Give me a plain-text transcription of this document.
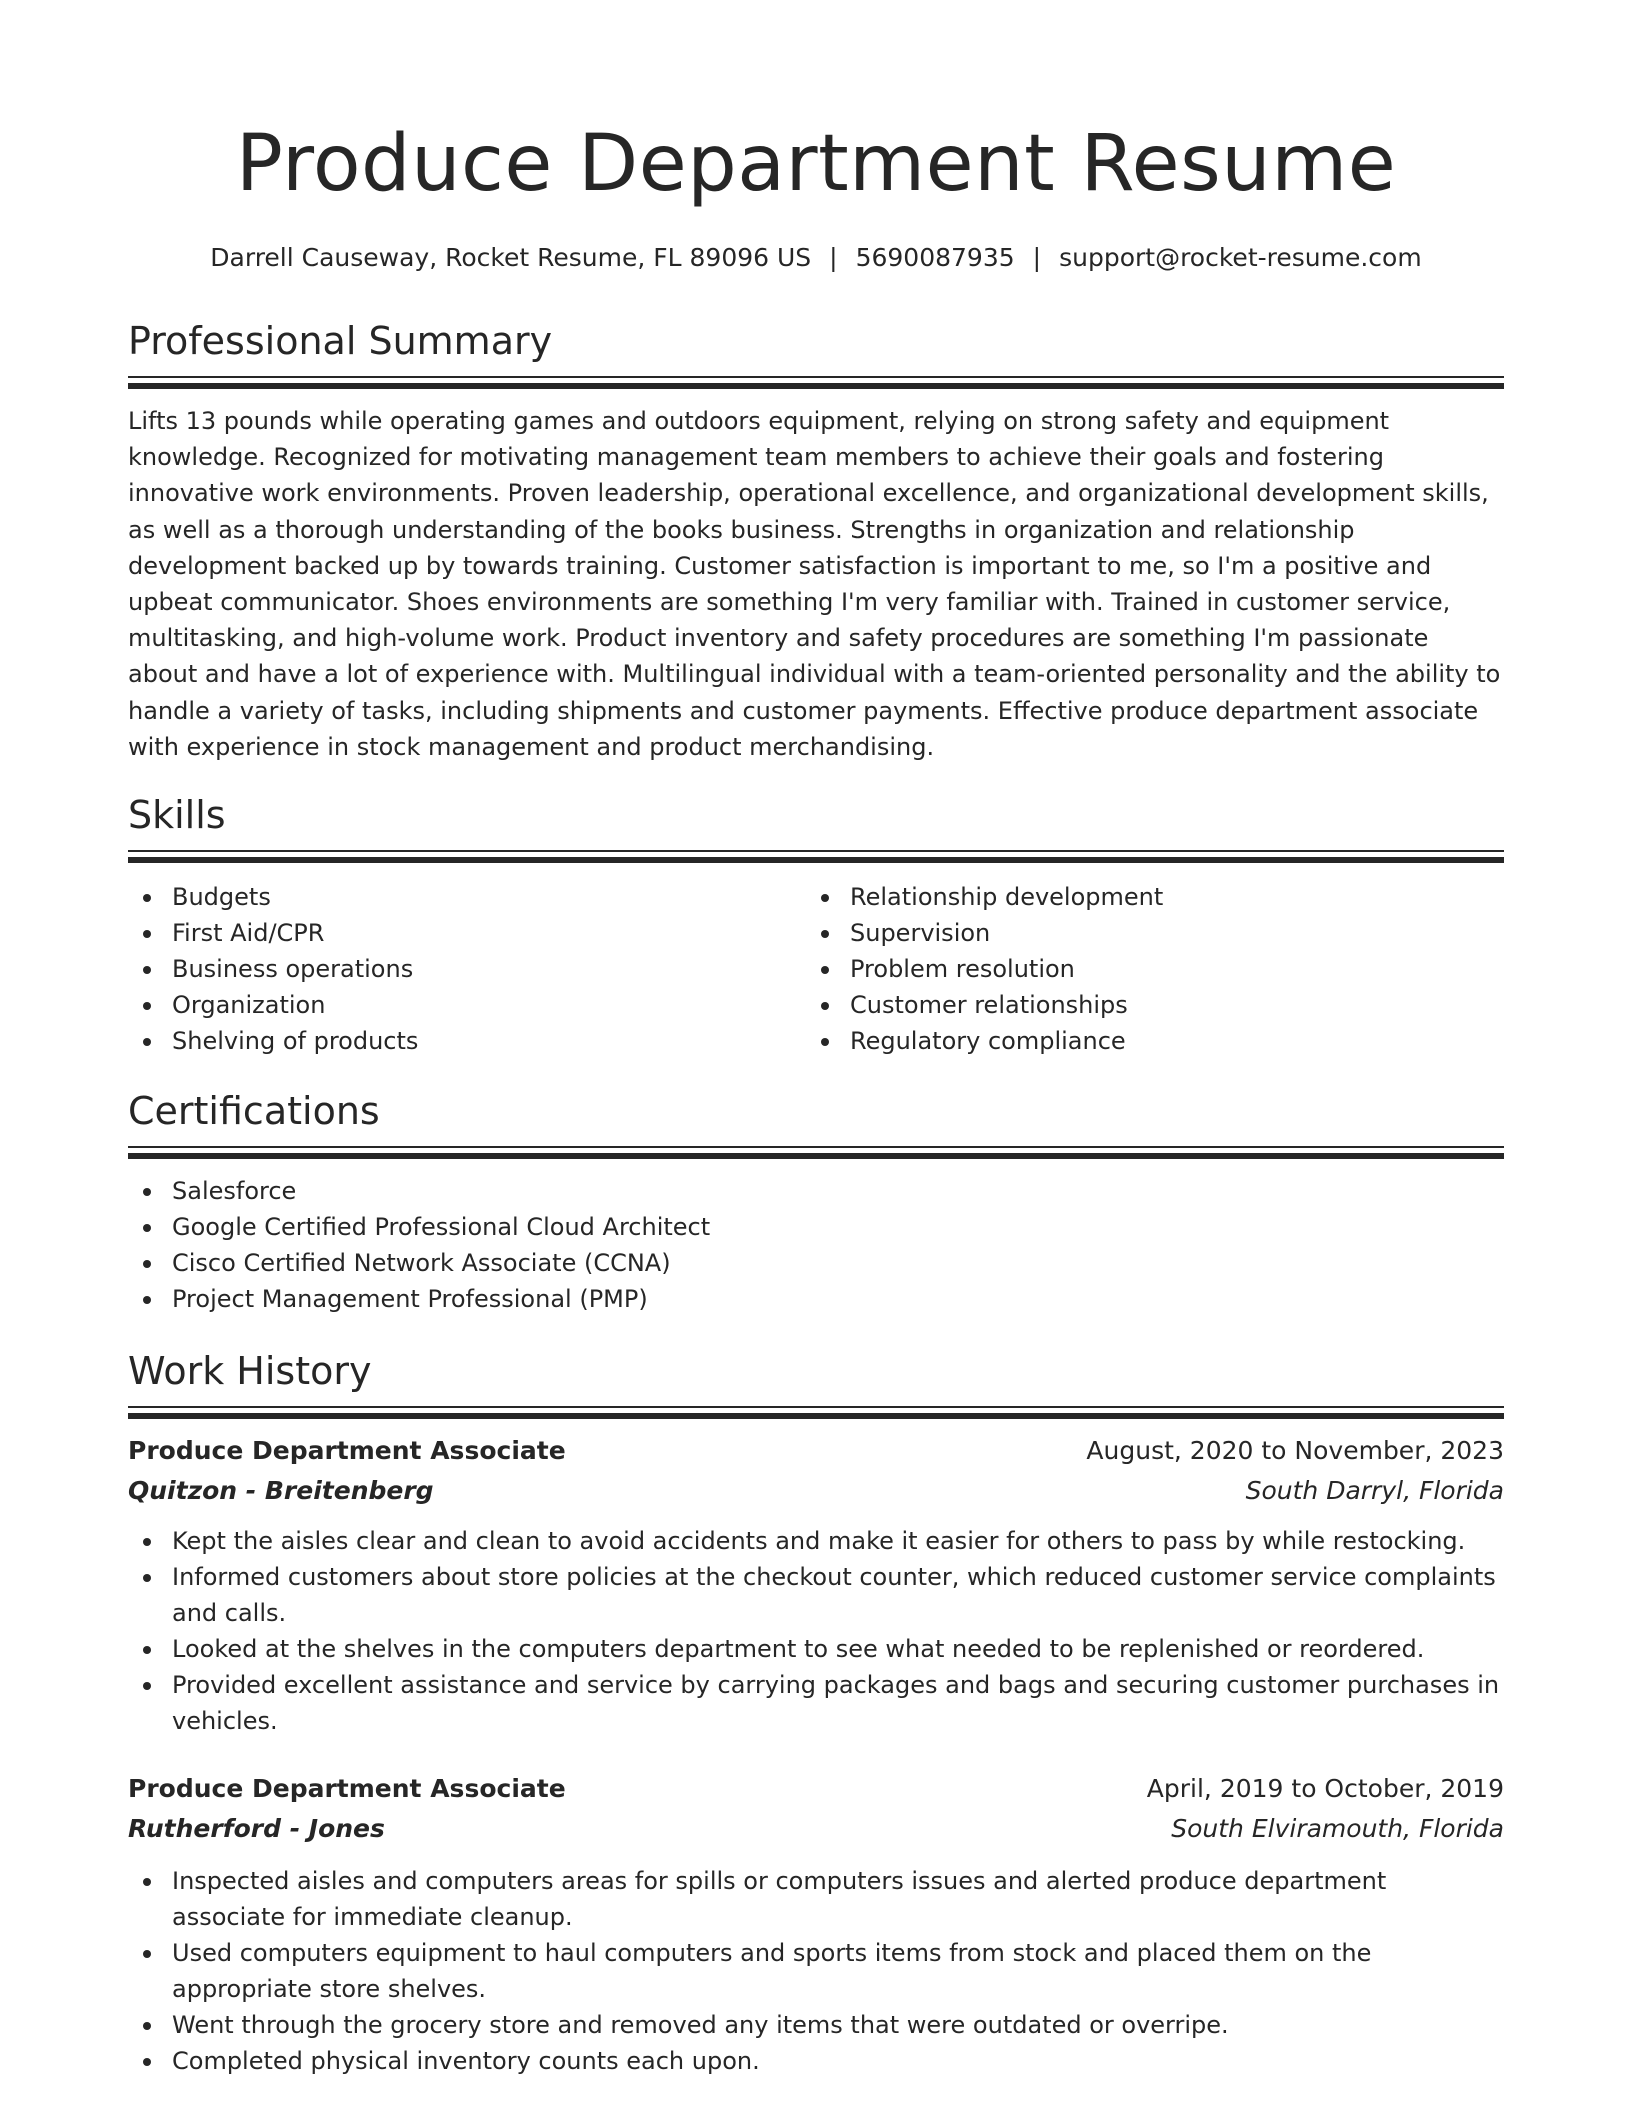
Produce Department Resume
Darrell Causeway, Rocket Resume, FL 89096 US | 5690087935 | support@rocket-resume.com
Professional Summary

Lifts 13 pounds while operating games and outdoors equipment, relying on strong safety and equipment knowledge. Recognized for motivating management team members to achieve their goals and fostering innovative work environments. Proven leadership, operational excellence, and organizational development skills, as well as a thorough understanding of the books business. Strengths in organization and relationship development backed up by towards training. Customer satisfaction is important to me, so I'm a positive and upbeat communicator. Shoes environments are something I'm very familiar with. Trained in customer service, multitasking, and high-volume work. Product inventory and safety procedures are something I'm passionate about and have a lot of experience with. Multilingual individual with a team-oriented personality and the ability to handle a variety of tasks, including shipments and customer payments. Effective produce department associate with experience in stock management and product merchandising.

Skills
Budgets
First Aid/CPR
Business operations
Organization
Shelving of products
Relationship development
Supervision
Problem resolution
Customer relationships
Regulatory compliance
Certifications
Salesforce
Google Certified Professional Cloud Architect
Cisco Certified Network Associate (CCNA)
Project Management Professional (PMP)
Work History
Produce Department Associate	August, 2020 to November, 2023
Quitzon - Breitenberg	South Darryl, Florida
Kept the aisles clear and clean to avoid accidents and make it easier for others to pass by while restocking.
Informed customers about store policies at the checkout counter, which reduced customer service complaints and calls.
Looked at the shelves in the computers department to see what needed to be replenished or reordered.
Provided excellent assistance and service by carrying packages and bags and securing customer purchases in vehicles.
Produce Department Associate	April, 2019 to October, 2019
Rutherford - Jones	South Elviramouth, Florida
Inspected aisles and computers areas for spills or computers issues and alerted produce department associate for immediate cleanup.
Used computers equipment to haul computers and sports items from stock and placed them on the appropriate store shelves.
Went through the grocery store and removed any items that were outdated or overripe.
Completed physical inventory counts each upon.
